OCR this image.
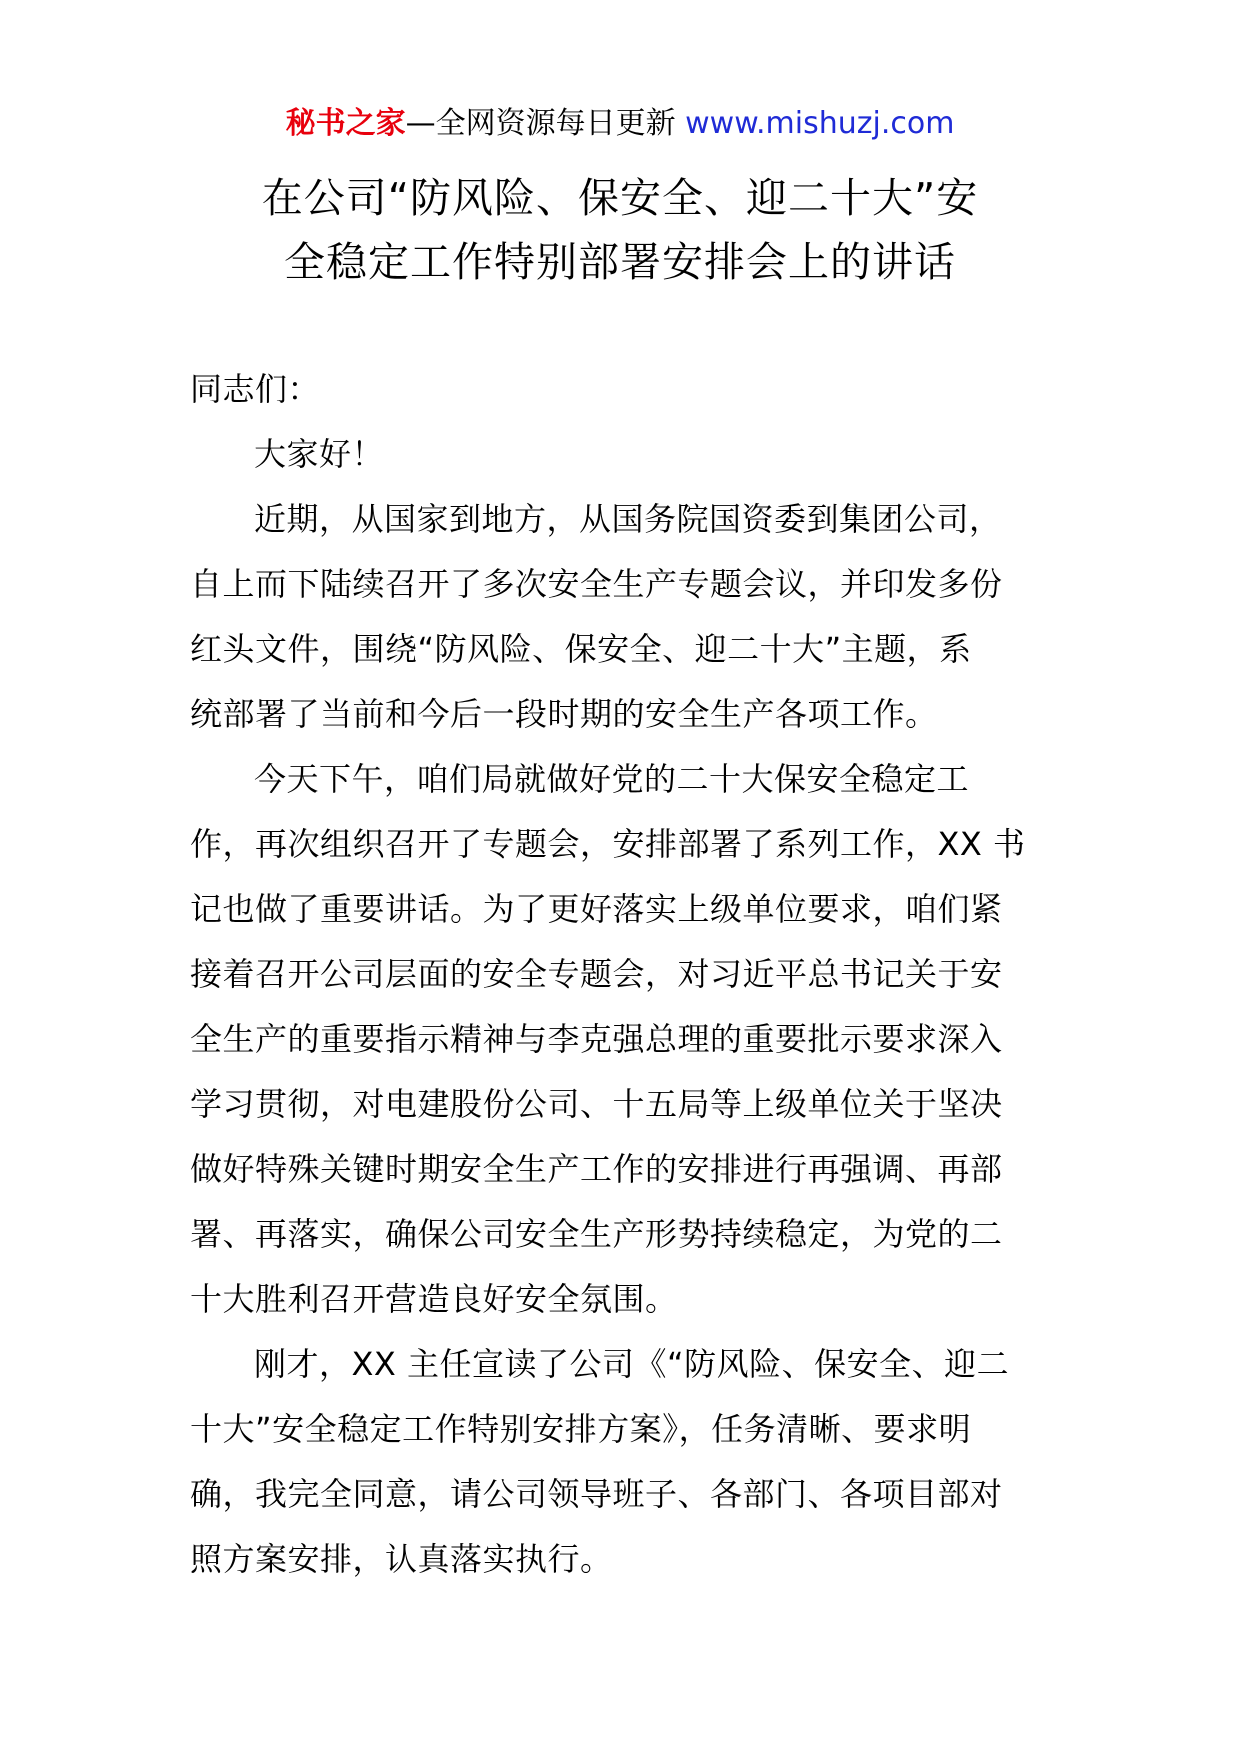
秘书之家—全网资源每日更新 www.mishuzj.com
在公司“防风险、保安全、迎二十大”安
全稳定工作特别部署安排会上的讲话
同志们：
大家好！
近期，从国家到地方，从国务院国资委到集团公司，
自上而下陆续召开了多次安全生产专题会议，并印发多份
红头文件，围绕“防风险、保安全、迎二十大”主题，系
统部署了当前和今后一段时期的安全生产各项工作。
今天下午，咱们局就做好党的二十大保安全稳定工
作，再次组织召开了专题会，安排部署了系列工作，XX 书
记也做了重要讲话。为了更好落实上级单位要求，咱们紧
接着召开公司层面的安全专题会，对习近平总书记关于安
全生产的重要指示精神与李克强总理的重要批示要求深入
学习贯彻，对电建股份公司、十五局等上级单位关于坚决
做好特殊关键时期安全生产工作的安排进行再强调、再部
署、再落实，确保公司安全生产形势持续稳定，为党的二
十大胜利召开营造良好安全氛围。
刚才，XX 主任宣读了公司《“防风险、保安全、迎二
十大”安全稳定工作特别安排方案》，任务清晰、要求明
确，我完全同意，请公司领导班子、各部门、各项目部对
照方案安排，认真落实执行。
